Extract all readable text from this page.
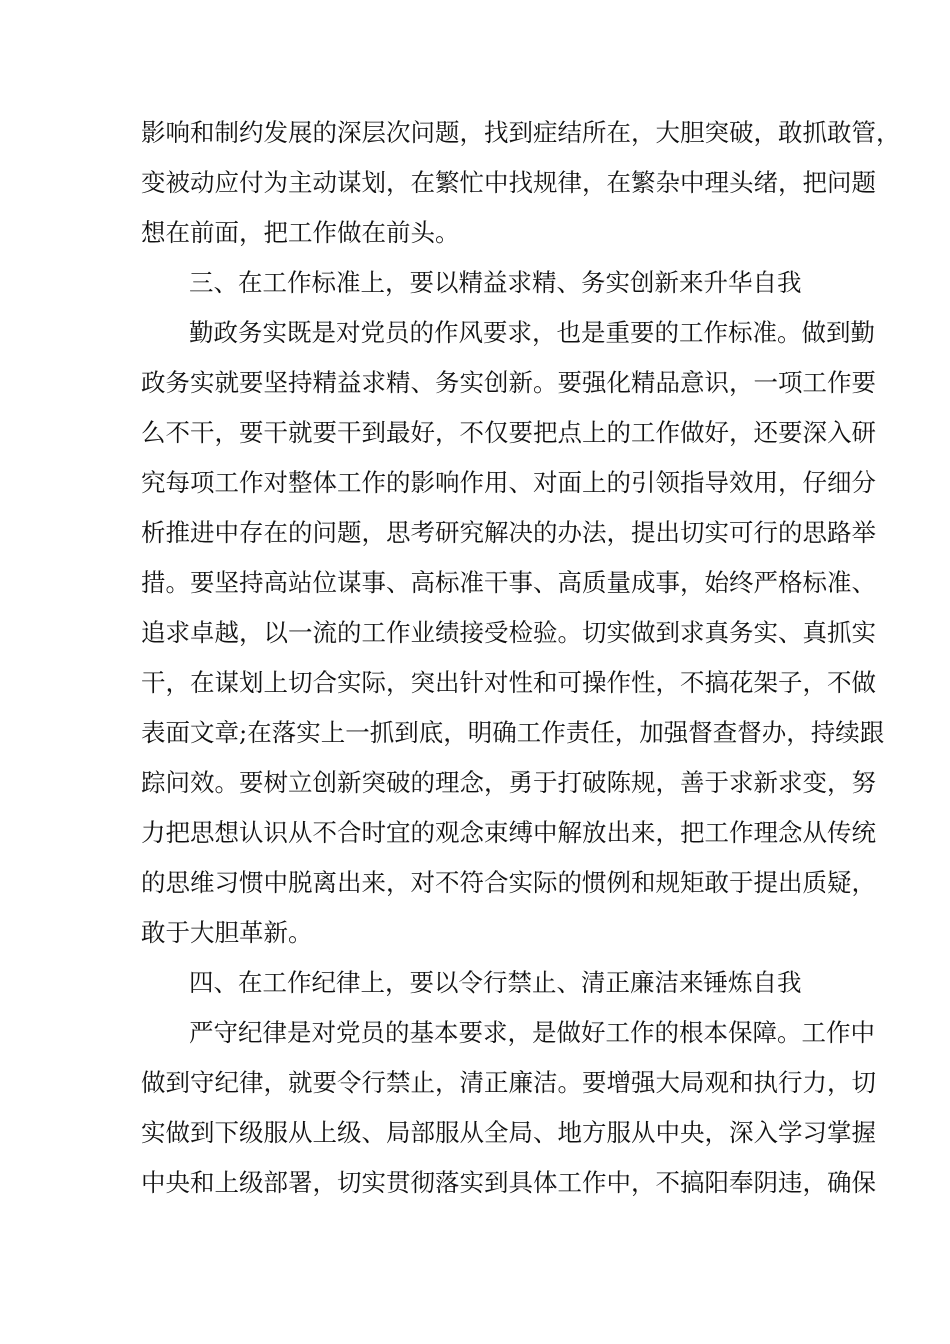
影响和制约发展的深层次问题，找到症结所在，大胆突破，敢抓敢管，
变被动应付为主动谋划，在繁忙中找规律，在繁杂中理头绪，把问题
想在前面，把工作做在前头。
三、在工作标准上，要以精益求精、务实创新来升华自我
勤政务实既是对党员的作风要求，也是重要的工作标准。做到勤
政务实就要坚持精益求精、务实创新。要强化精品意识，一项工作要
么不干，要干就要干到最好，不仅要把点上的工作做好，还要深入研
究每项工作对整体工作的影响作用、对面上的引领指导效用，仔细分
析推进中存在的问题，思考研究解决的办法，提出切实可行的思路举
措。要坚持高站位谋事、高标准干事、高质量成事，始终严格标准、
追求卓越，以一流的工作业绩接受检验。切实做到求真务实、真抓实
干，在谋划上切合实际，突出针对性和可操作性，不搞花架子，不做
表面文章;在落实上一抓到底，明确工作责任，加强督查督办，持续跟
踪问效。要树立创新突破的理念，勇于打破陈规，善于求新求变，努
力把思想认识从不合时宜的观念束缚中解放出来，把工作理念从传统
的思维习惯中脱离出来，对不符合实际的惯例和规矩敢于提出质疑，
敢于大胆革新。
四、在工作纪律上，要以令行禁止、清正廉洁来锤炼自我
严守纪律是对党员的基本要求，是做好工作的根本保障。工作中
做到守纪律，就要令行禁止，清正廉洁。要增强大局观和执行力，切
实做到下级服从上级、局部服从全局、地方服从中央，深入学习掌握
中央和上级部署，切实贯彻落实到具体工作中，不搞阳奉阴违，确保
